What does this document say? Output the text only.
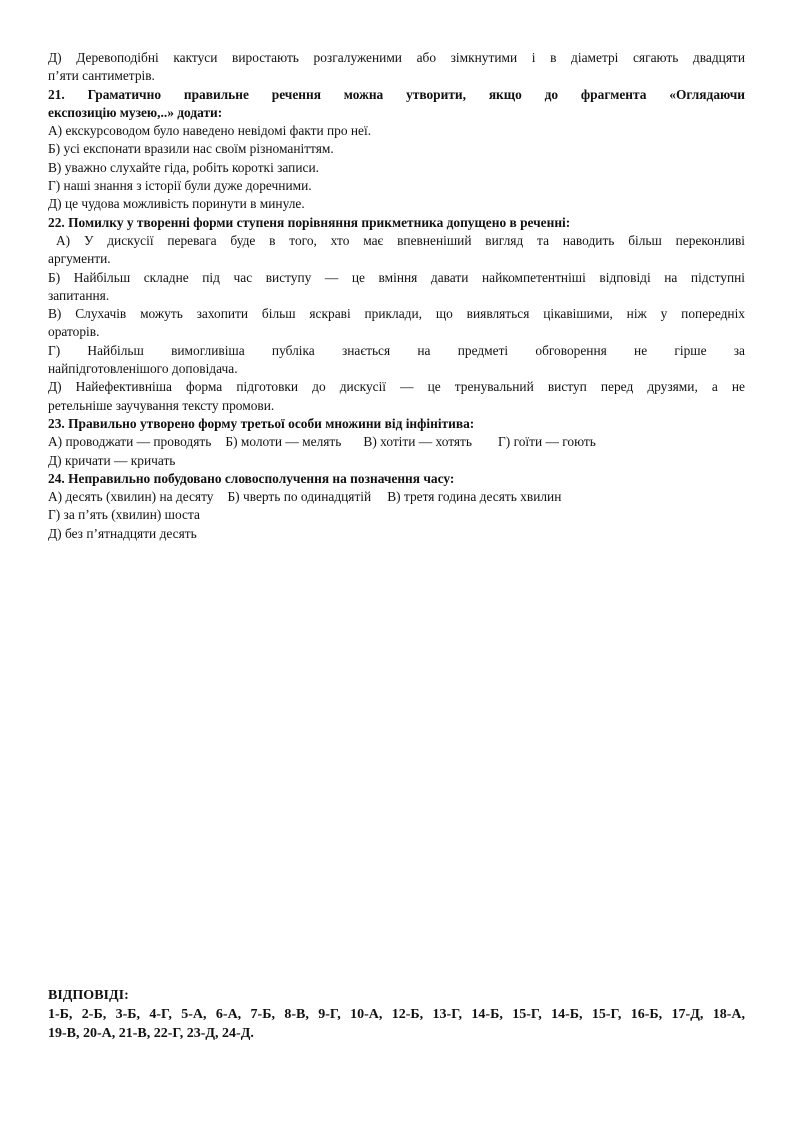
Д) Деревоподібні кактуси виростають розгалуженими або зімкнутими і в діаметрі сягають двадцяти

п’яти сантиметрів.

21. Граматично правильне речення можна утворити, якщо до фрагмента «Оглядаючи

експозицію музею,..» додати:

А) екскурсоводом було наведено невідомі факти про неї.

Б) усі експонати вразили нас своїм різноманіттям.

В) уважно слухайте гіда, робіть короткі записи.

Г) наші знання з історії були дуже доречними.

Д) це чудова можливість поринути в минуле.

22. Помилку у творенні форми ступеня порівняння прикметника допущено в реченні:

А) У дискусії перевага буде в того, хто має впевненіший вигляд та наводить більш переконливі

аргументи.

Б) Найбільш складне під час виступу — це вміння давати найкомпетентніші відповіді на підступні

запитання.

В) Слухачів можуть захопити більш яскраві приклади, що виявляться цікавішими, ніж у попередніх

ораторів.

Г) Найбільш вимогливіша публіка знається на предметі обговорення не гірше за

найпідготовленішого доповідача.

Д) Найефективніша форма підготовки до дискусії — це тренувальний виступ перед друзями, а не

ретельніше заучування тексту промови.

23. Правильно утворено форму третьої особи множини від інфінітива:

А) проводжати — проводять Б) молоти — мелять В) хотіти — хотять Г) гоїти — гоють

Д) кричати — кричать

24. Неправильно побудовано словосполучення на позначення часу:

А) десять (хвилин) на десяту Б) чверть по одинадцятій В) третя година десять хвилин

Г) за п’ять (хвилин) шоста

Д) без п’ятнадцяти десять

ВІДПОВІДІ:

1-Б, 2-Б, 3-Б, 4-Г, 5-А, 6-А, 7-Б, 8-В, 9-Г, 10-А, 12-Б, 13-Г, 14-Б, 15-Г, 14-Б, 15-Г, 16-Б, 17-Д, 18-А,

19-В, 20-А, 21-В, 22-Г, 23-Д, 24-Д.
